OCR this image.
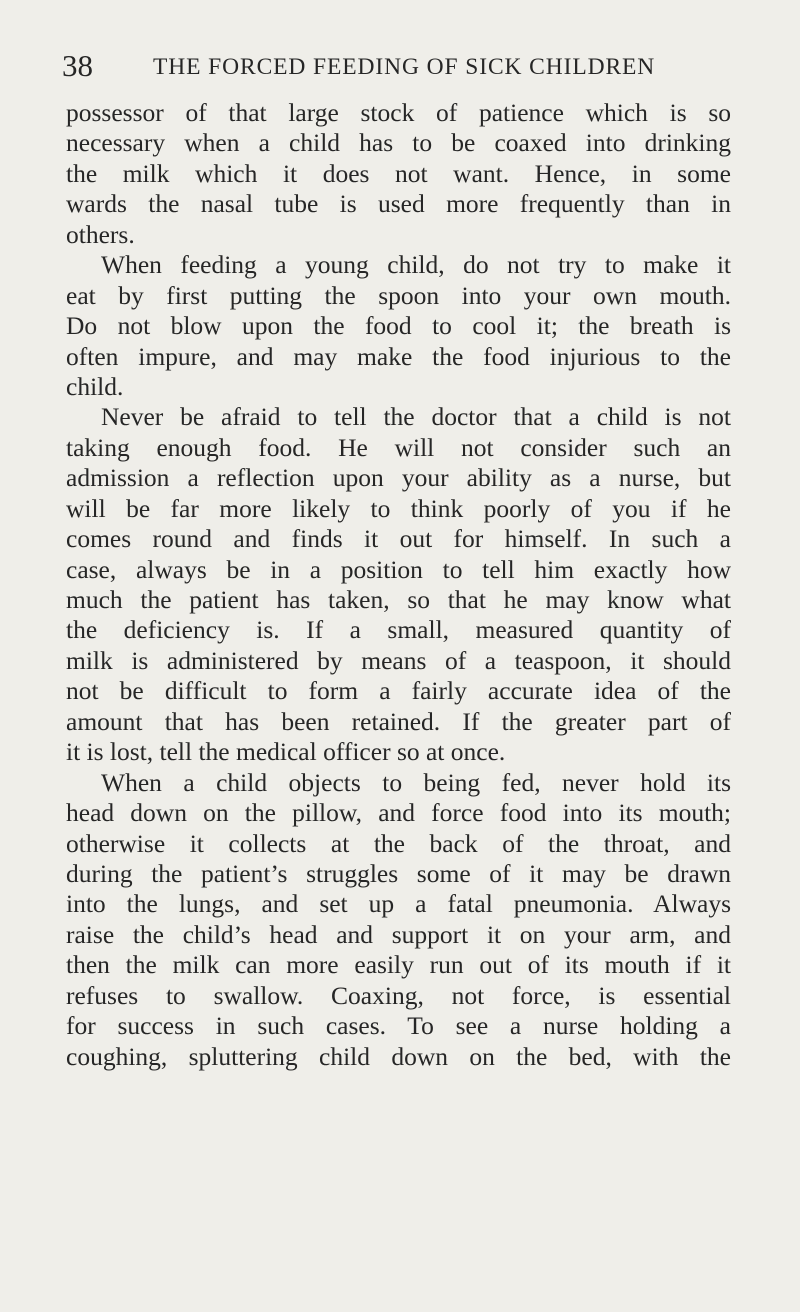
38	THE FORCED FEEDING OF SICK CHILDREN
possessor of that large stock of patience which is so
necessary when a child has to be coaxed into drinking
the milk which it does not want. Hence, in some
wards the nasal tube is used more frequently than in
others.
When feeding a young child, do not try to make it
eat by first putting the spoon into your own mouth.
Do not blow upon the food to cool it; the breath is
often impure, and may make the food injurious to the
child.
Never be afraid to tell the doctor that a child is not
taking enough food. He will not consider such an
admission a reflection upon your ability as a nurse, but
will be far more likely to think poorly of you if he
comes round and finds it out for himself. In such a
case, always be in a position to tell him exactly how
much the patient has taken, so that he may know what
the deficiency is. If a small, measured quantity of
milk is administered by means of a teaspoon, it should
not be difficult to form a fairly accurate idea of the
amount that has been retained. If the greater part of
it is lost, tell the medical officer so at once.
When a child objects to being fed, never hold its
head down on the pillow, and force food into its mouth;
otherwise it collects at the back of the throat, and
during the patient’s struggles some of it may be drawn
into the lungs, and set up a fatal pneumonia. Always
raise the child’s head and support it on your arm, and
then the milk can more easily run out of its mouth if it
refuses to swallow. Coaxing, not force, is essential
for success in such cases. To see a nurse holding a
coughing, spluttering child down on the bed, with the
